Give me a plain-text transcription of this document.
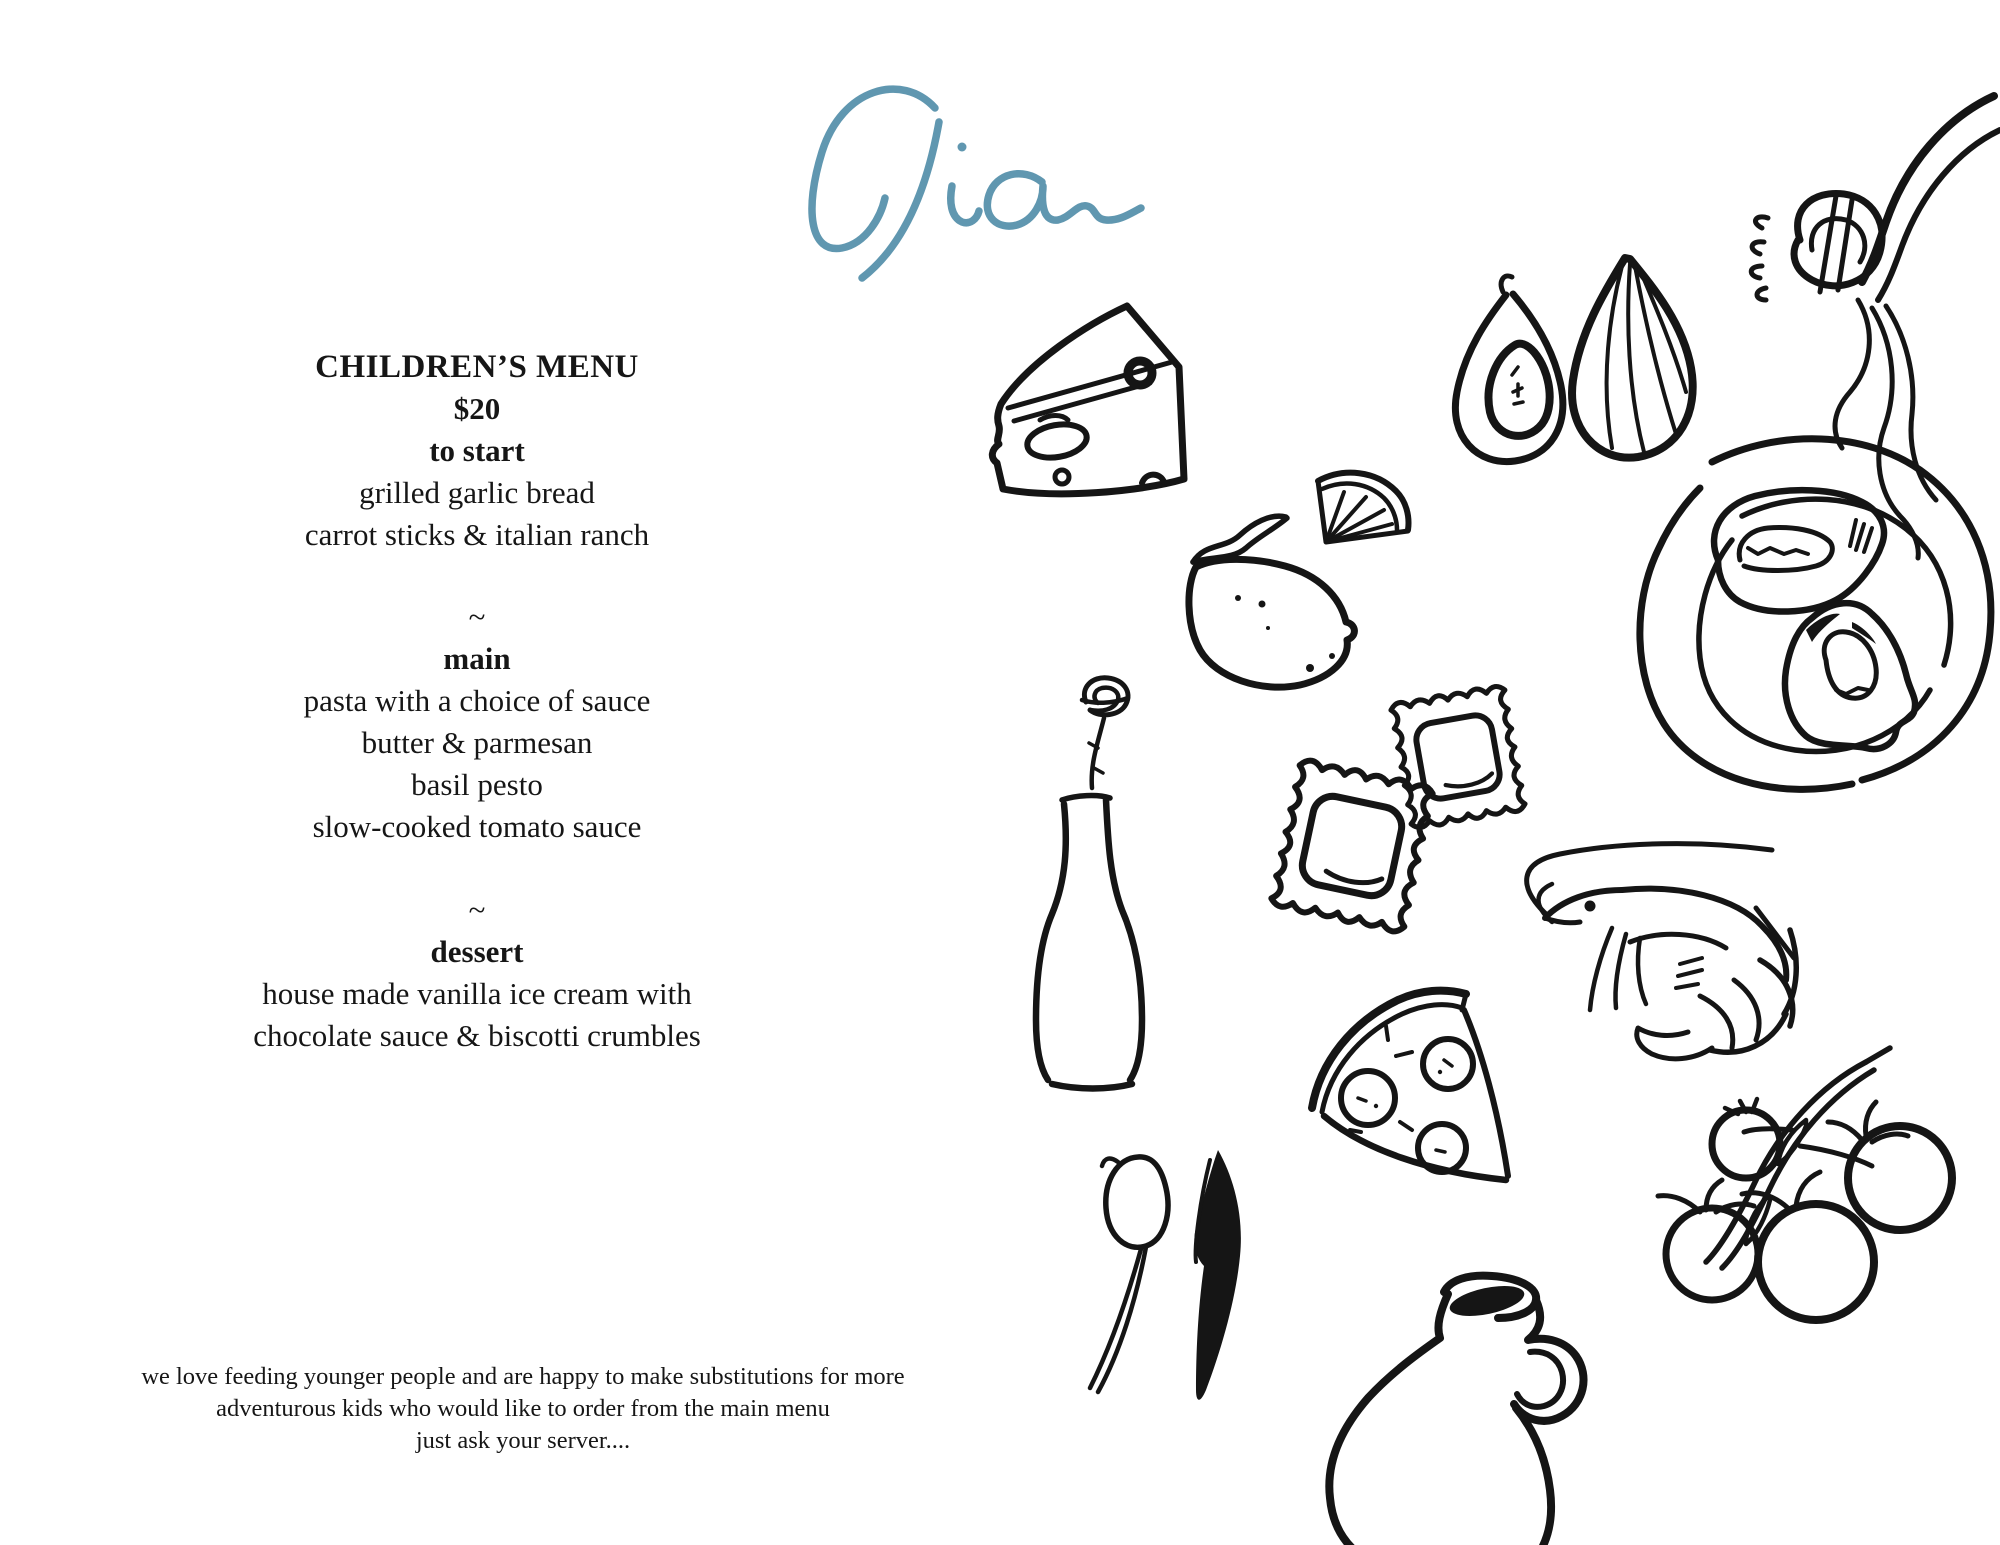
CHILDREN’S MENU
$20
to start
grilled garlic bread
carrot sticks & italian ranch
~
main
pasta with a choice of sauce
butter & parmesan
basil pesto
slow-cooked tomato sauce
~
dessert
house made vanilla ice cream with
chocolate sauce & biscotti crumbles
we love feeding younger people and are happy to make substitutions for more
adventurous kids who would like to order from the main menu
just ask your server....
